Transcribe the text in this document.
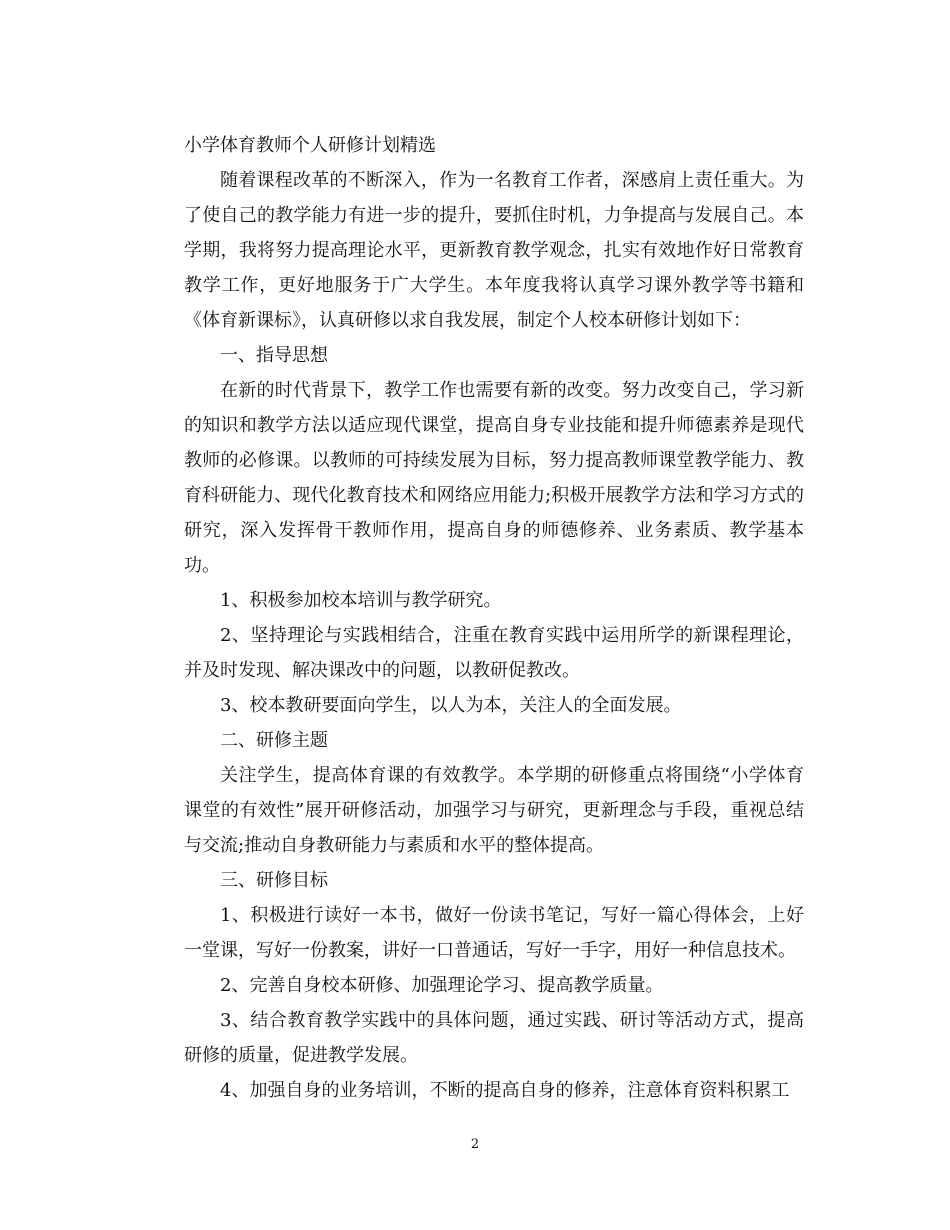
小学体育教师个人研修计划精选

随着课程改革的不断深入，作为一名教育工作者，深感肩上责任重大。为了使自己的教学能力有进一步的提升，要抓住时机，力争提高与发展自己。本学期，我将努力提高理论水平，更新教育教学观念，扎实有效地作好日常教育教学工作，更好地服务于广大学生。本年度我将认真学习课外教学等书籍和《体育新课标》，认真研修以求自我发展，制定个人校本研修计划如下：

一、指导思想

在新的时代背景下，教学工作也需要有新的改变。努力改变自己，学习新的知识和教学方法以适应现代课堂，提高自身专业技能和提升师德素养是现代教师的必修课。以教师的可持续发展为目标，努力提高教师课堂教学能力、教育科研能力、现代化教育技术和网络应用能力;积极开展教学方法和学习方式的研究，深入发挥骨干教师作用，提高自身的师德修养、业务素质、教学基本功。

1、积极参加校本培训与教学研究。

2、坚持理论与实践相结合，注重在教育实践中运用所学的新课程理论，并及时发现、解决课改中的问题，以教研促教改。

3、校本教研要面向学生，以人为本，关注人的全面发展。

二、研修主题

关注学生，提高体育课的有效教学。本学期的研修重点将围绕“小学体育课堂的有效性”展开研修活动，加强学习与研究，更新理念与手段，重视总结与交流;推动自身教研能力与素质和水平的整体提高。

三、研修目标

1、积极进行读好一本书，做好一份读书笔记，写好一篇心得体会，上好一堂课，写好一份教案，讲好一口普通话，写好一手字，用好一种信息技术。

2、完善自身校本研修、加强理论学习、提高教学质量。

3、结合教育教学实践中的具体问题，通过实践、研讨等活动方式，提高研修的质量，促进教学发展。

4、加强自身的业务培训，不断的提高自身的修养，注意体育资料积累工

2
